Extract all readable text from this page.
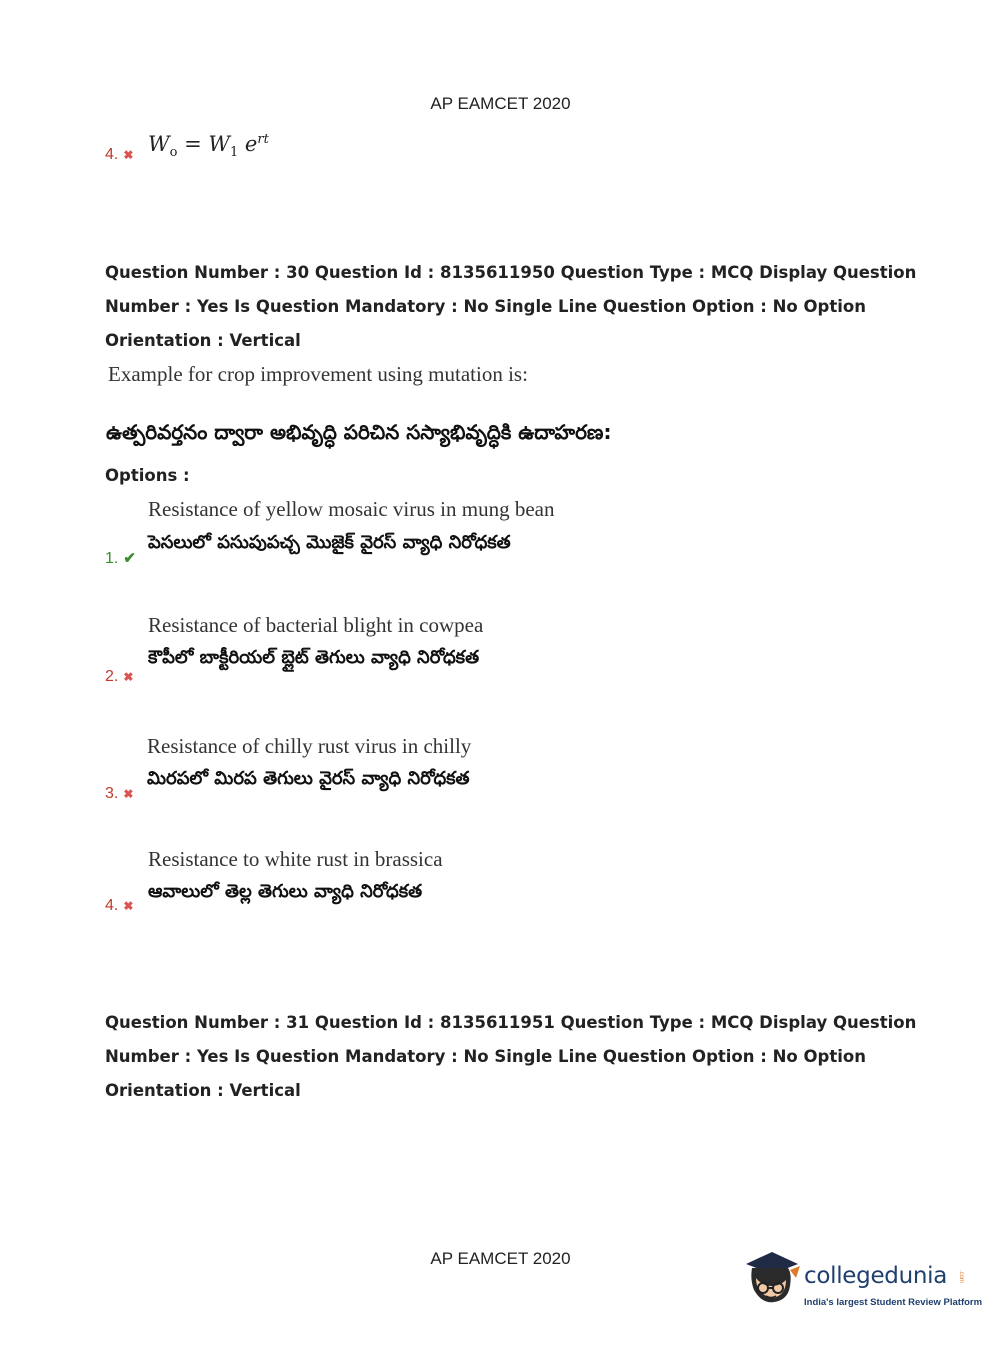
AP EAMCET 2020
4. ✖ $W_o = W_1$ $e^{rt}$
Question Number : 30 Question Id : 8135611950 Question Type : MCQ Display Question
Number : Yes Is Question Mandatory : No Single Line Question Option : No Option
Orientation : Vertical
Example for crop improvement using mutation is:
ఉత్పరివర్తనం ద్వారా అభివృద్ధి పరిచిన సస్యాభివృద్ధికి ఉదాహరణ:
Options :
Resistance of yellow mosaic virus in mung bean
పెసలులో పసుపుపచ్చ మొజైక్ వైరస్ వ్యాధి నిరోధకత
1. ✔
Resistance of bacterial blight in cowpea
కౌపీలో బాక్టీరియల్ బ్లైట్ తెగులు వ్యాధి నిరోధకత
2. ✖
Resistance of chilly rust virus in chilly
మిరపలో మిరప తెగులు వైరస్ వ్యాధి నిరోధకత
3. ✖
Resistance to white rust in brassica
ఆవాలులో తెల్ల తెగులు వ్యాధి నిరోధకత
4. ✖
Question Number : 31 Question Id : 8135611951 Question Type : MCQ Display Question
Number : Yes Is Question Mandatory : No Single Line Question Option : No Option
Orientation : Vertical
AP EAMCET 2020
collegedunia .com
India's largest Student Review Platform
